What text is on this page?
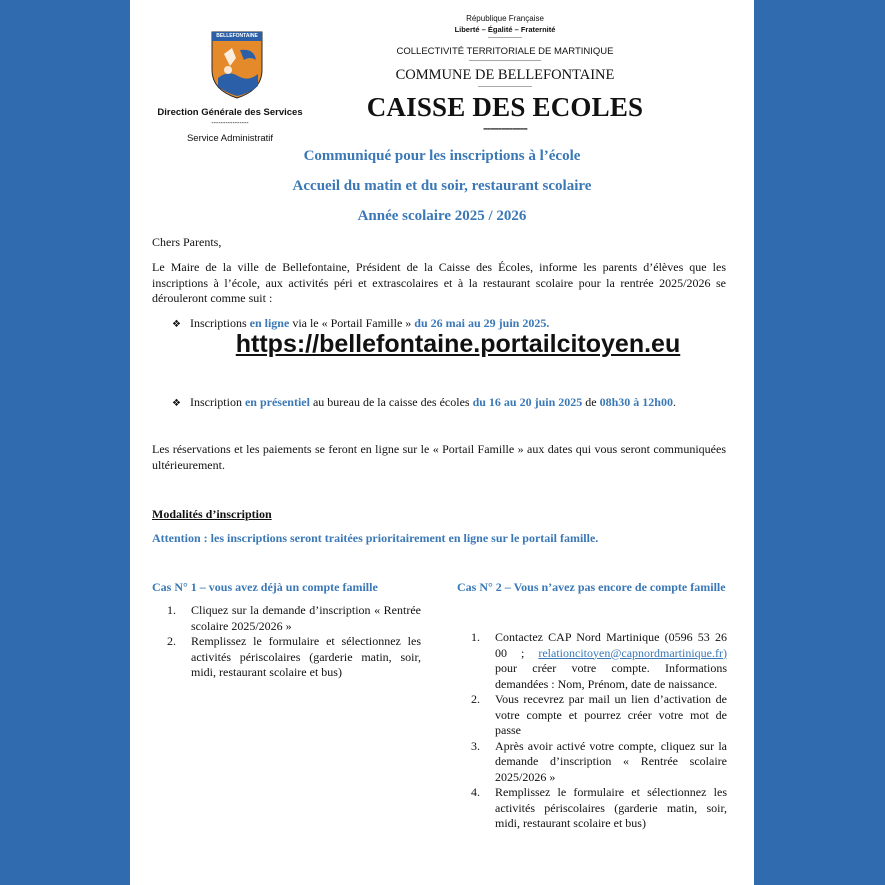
BELLEFONTAINE
Direction Générale des Services
----------------
Service Administratif
République Française
Liberté – Égalité – Fraternité
-----------------
COLLECTIVITÉ TERRITORIALE DE MARTINIQUE
------------------------------------
COMMUNE DE BELLEFONTAINE
---------------------------
CAISSE DES ECOLES
------------
Communiqué pour les inscriptions à l’école
Accueil du matin et du soir, restaurant scolaire
Année scolaire 2025 / 2026
Chers Parents,
Le Maire de la ville de Bellefontaine, Président de la Caisse des Écoles, informe les parents d’élèves que les inscriptions à l’école, aux activités péri et extrascolaires et à la restaurant scolaire pour la rentrée 2025/2026 se dérouleront comme suit :
❖ Inscriptions en ligne via le « Portail Famille » du 26 mai au 29 juin 2025.
https://bellefontaine.portailcitoyen.eu
❖ Inscription en présentiel au bureau de la caisse des écoles du 16 au 20 juin 2025 de 08h30 à 12h00.
Les réservations et les paiements se feront en ligne sur le « Portail Famille » aux dates qui vous seront communiquées ultérieurement.
Modalités d’inscription
Attention : les inscriptions seront traitées prioritairement en ligne sur le portail famille.
Cas N° 1 – vous avez déjà un compte famille
1. Cliquez sur la demande d’inscription « Rentrée scolaire 2025/2026 »
2. Remplissez le formulaire et sélectionnez les activités périscolaires (garderie matin, soir, midi, restaurant scolaire et bus)
Cas N° 2 – Vous n’avez pas encore de compte famille
1. Contactez CAP Nord Martinique (0596 53 26 00 ; relationcitoyen@capnordmartinique.fr) pour créer votre compte. Informations demandées : Nom, Prénom, date de naissance.
2. Vous recevrez par mail un lien d’activation de votre compte et pourrez créer votre mot de passe
3. Après avoir activé votre compte, cliquez sur la demande d’inscription « Rentrée scolaire 2025/2026 »
4. Remplissez le formulaire et sélectionnez les activités périscolaires (garderie matin, soir, midi, restaurant scolaire et bus)
